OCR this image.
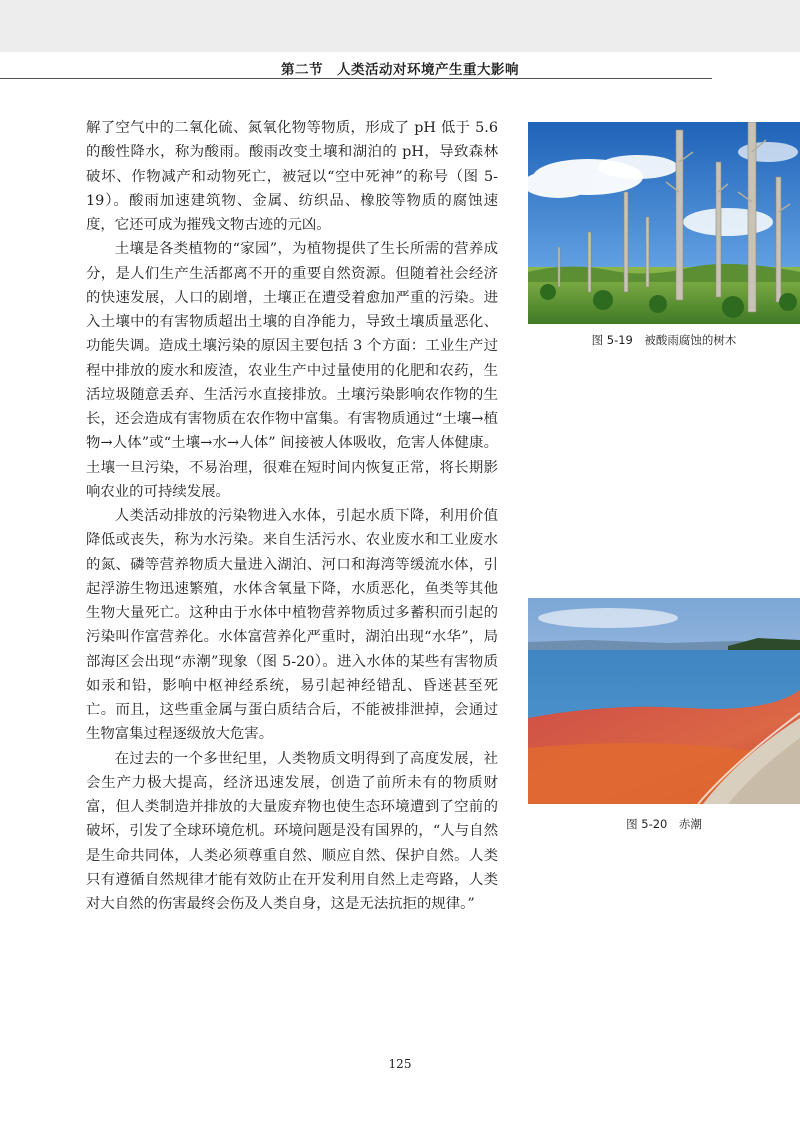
第二节　人类活动对环境产生重大影响

解了空气中的二氧化硫、氮氧化物等物质，形成了 pH 低于 5.6 的酸性降水，称为酸雨。酸雨改变土壤和湖泊的 pH，导致森林破坏、作物减产和动物死亡，被冠以“空中死神”的称号（图 5-19）。酸雨加速建筑物、金属、纺织品、橡胶等物质的腐蚀速度，它还可成为摧残文物古迹的元凶。

土壤是各类植物的“家园”，为植物提供了生长所需的营养成分，是人们生产生活都离不开的重要自然资源。但随着社会经济的快速发展，人口的剧增，土壤正在遭受着愈加严重的污染。进入土壤中的有害物质超出土壤的自净能力，导致土壤质量恶化、功能失调。造成土壤污染的原因主要包括 3 个方面：工业生产过程中排放的废水和废渣，农业生产中过量使用的化肥和农药，生活垃圾随意丢弃、生活污水直接排放。土壤污染影响农作物的生长，还会造成有害物质在农作物中富集。有害物质通过“土壤→植物→人体”或“土壤→水→人体” 间接被人体吸收，危害人体健康。土壤一旦污染，不易治理，很难在短时间内恢复正常，将长期影响农业的可持续发展。

人类活动排放的污染物进入水体，引起水质下降，利用价值降低或丧失，称为水污染。来自生活污水、农业废水和工业废水的氮、磷等营养物质大量进入湖泊、河口和海湾等缓流水体，引起浮游生物迅速繁殖，水体含氧量下降，水质恶化，鱼类等其他生物大量死亡。这种由于水体中植物营养物质过多蓄积而引起的污染叫作富营养化。水体富营养化严重时，湖泊出现“水华”，局部海区会出现“赤潮”现象（图 5-20）。进入水体的某些有害物质如汞和铅，影响中枢神经系统，易引起神经错乱、昏迷甚至死亡。而且，这些重金属与蛋白质结合后，不能被排泄掉，会通过生物富集过程逐级放大危害。

在过去的一个多世纪里，人类物质文明得到了高度发展，社会生产力极大提高，经济迅速发展，创造了前所未有的物质财富，但人类制造并排放的大量废弃物也使生态环境遭到了空前的破坏，引发了全球环境危机。环境问题是没有国界的，“人与自然是生命共同体，人类必须尊重自然、顺应自然、保护自然。人类只有遵循自然规律才能有效防止在开发利用自然上走弯路，人类对大自然的伤害最终会伤及人类自身，这是无法抗拒的规律。”

图 5-19　被酸雨腐蚀的树木
图 5-20　赤潮
125
